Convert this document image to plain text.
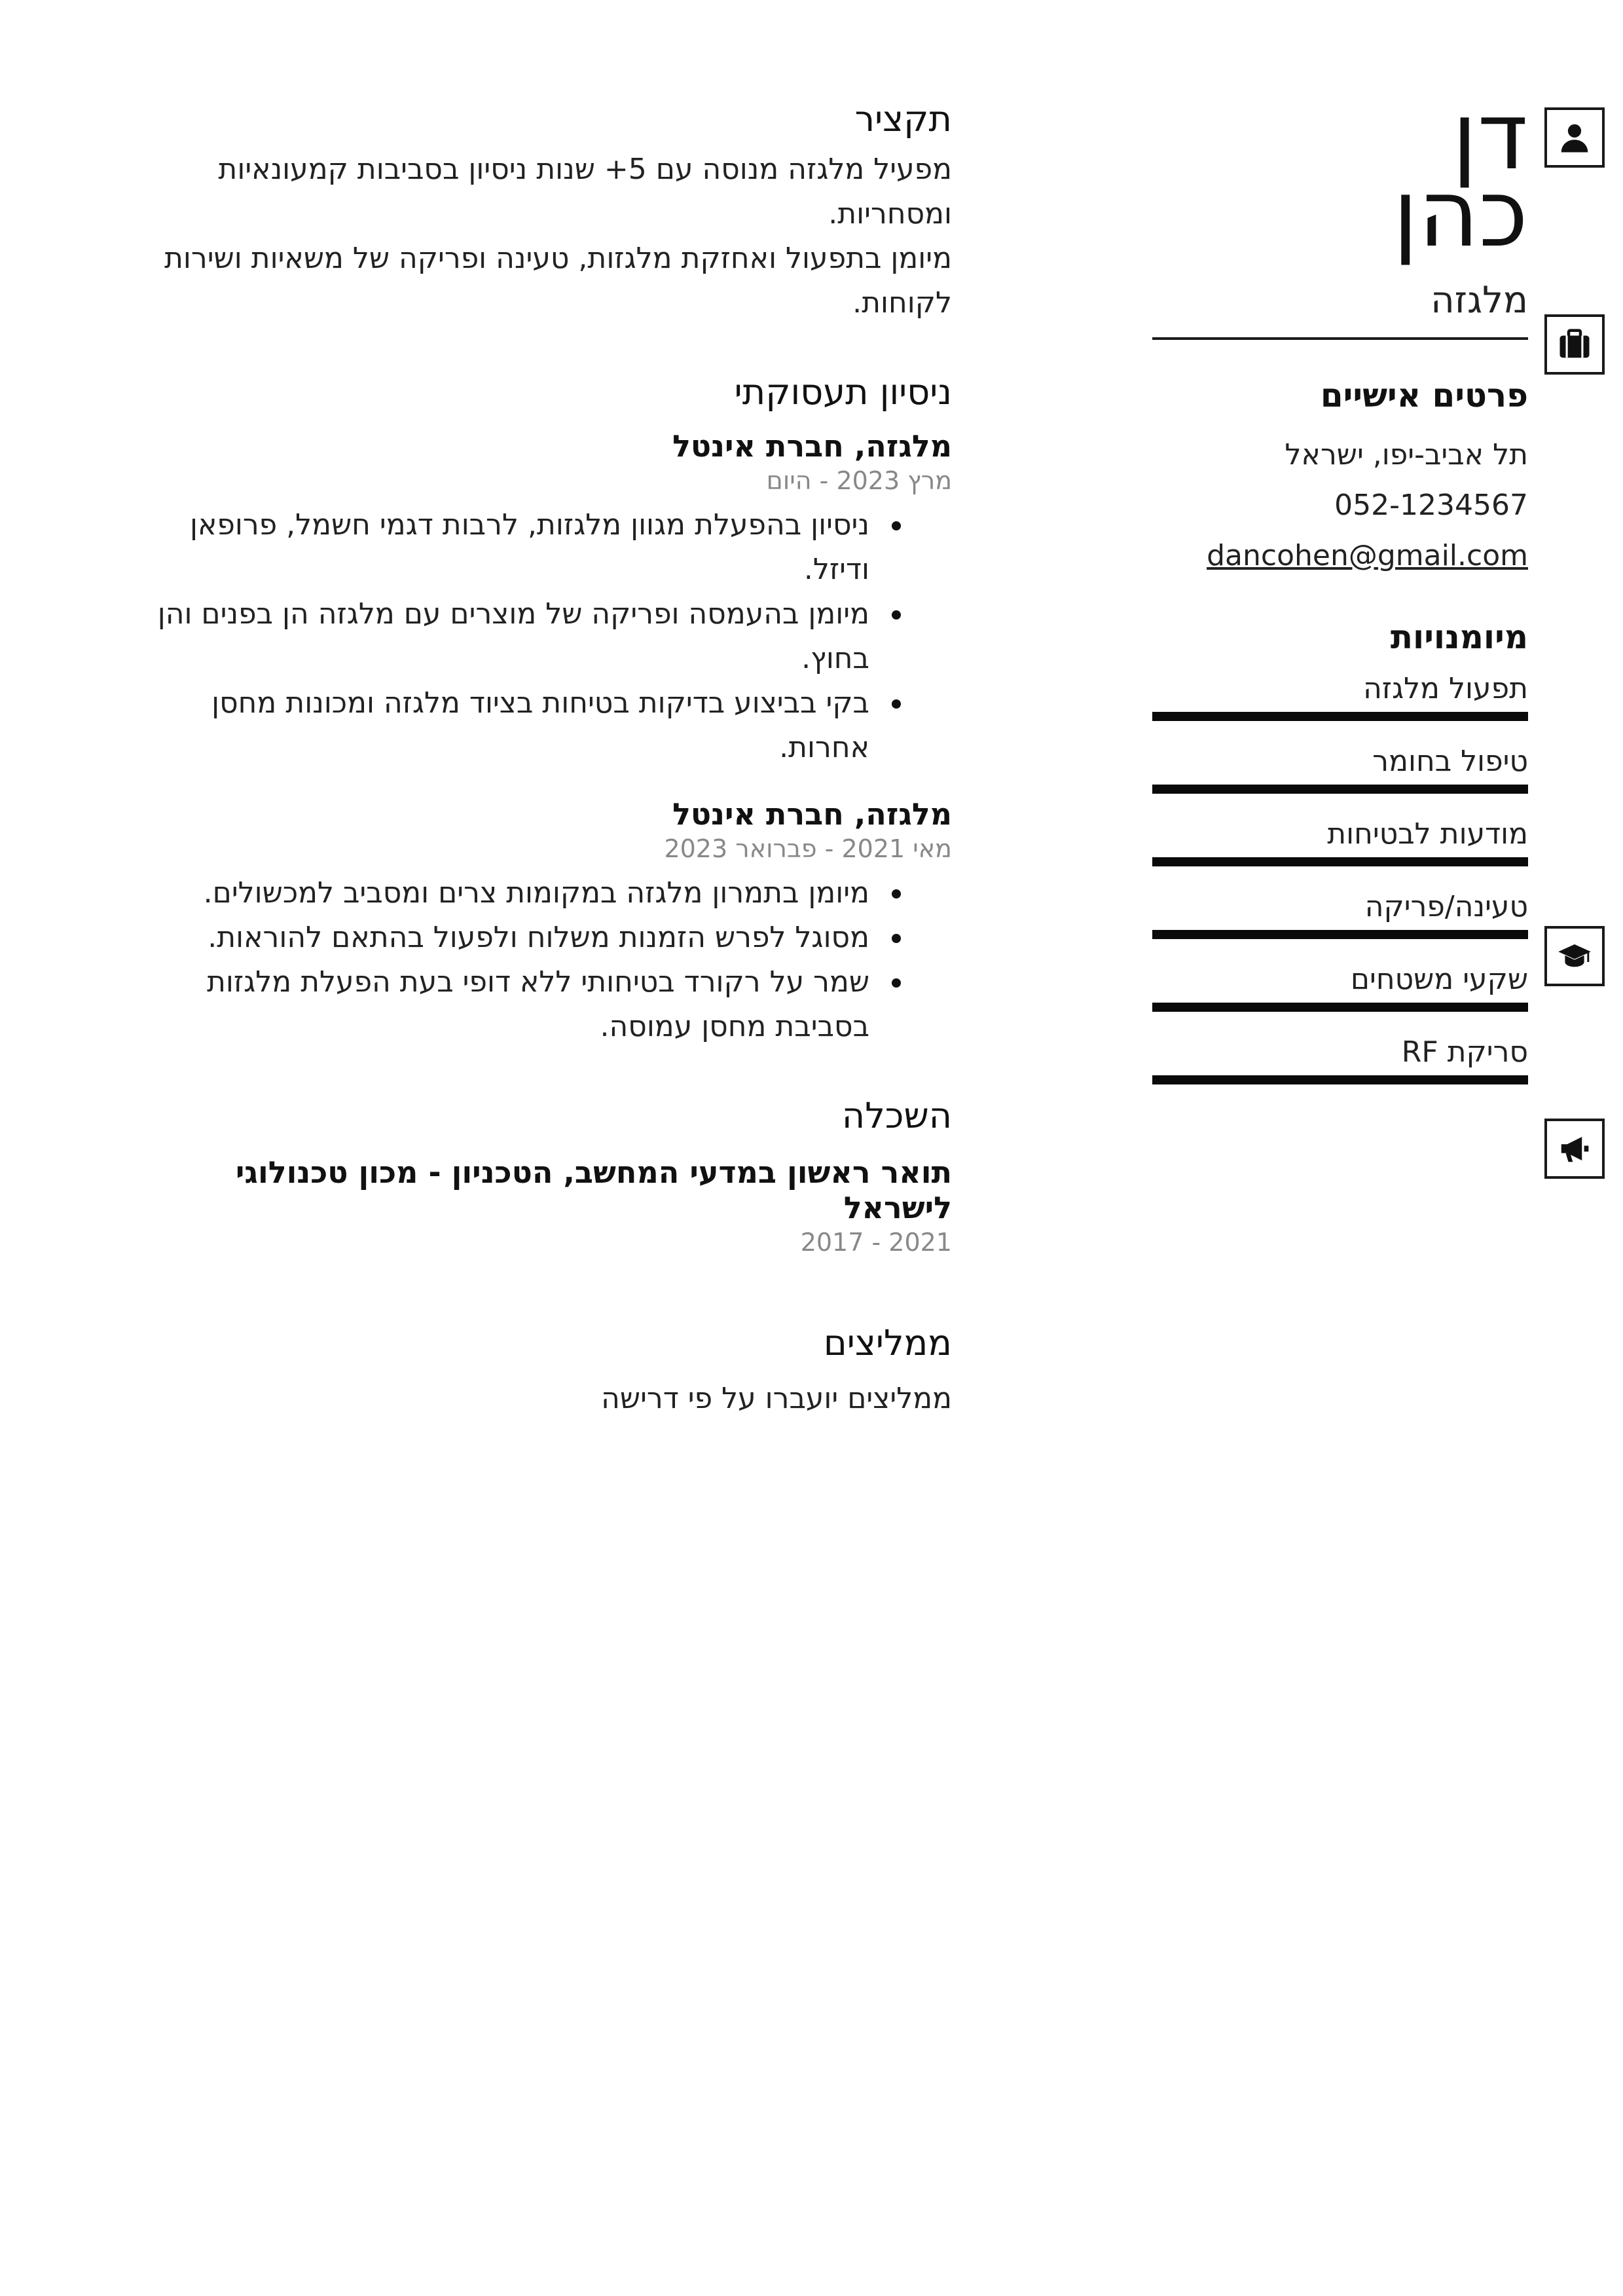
דן
כהן
מלגזה
פרטים אישיים
תל אביב-יפו, ישראל
052-1234567
dancohen@gmail.com
מיומנויות
תפעול מלגזה
טיפול בחומר
מודעות לבטיחות
טעינה/פריקה
שקעי משטחים
סריקת RF
תקציר
מפעיל מלגזה מנוסה עם 5+ שנות ניסיון בסביבות קמעונאיות ומסחריות.
מיומן בתפעול ואחזקת מלגזות, טעינה ופריקה של משאיות ושירות לקוחות.
ניסיון תעסוקתי
מלגזה, חברת אינטל
מרץ 2023 - היום
ניסיון בהפעלת מגוון מלגזות, לרבות דגמי חשמל, פרופאן ודיזל.
מיומן בהעמסה ופריקה של מוצרים עם מלגזה הן בפנים והן בחוץ.
בקי בביצוע בדיקות בטיחות בציוד מלגזה ומכונות מחסן אחרות.
מלגזה, חברת אינטל
מאי 2021 - פברואר 2023
מיומן בתמרון מלגזה במקומות צרים ומסביב למכשולים.
מסוגל לפרש הזמנות משלוח ולפעול בהתאם להוראות.
שמר על רקורד בטיחותי ללא דופי בעת הפעלת מלגזות בסביבת מחסן עמוסה.
השכלה
תואר ראשון במדעי המחשב, הטכניון - מכון טכנולוגי לישראל
2017 - 2021
ממליצים
ממליצים יועברו על פי דרישה
